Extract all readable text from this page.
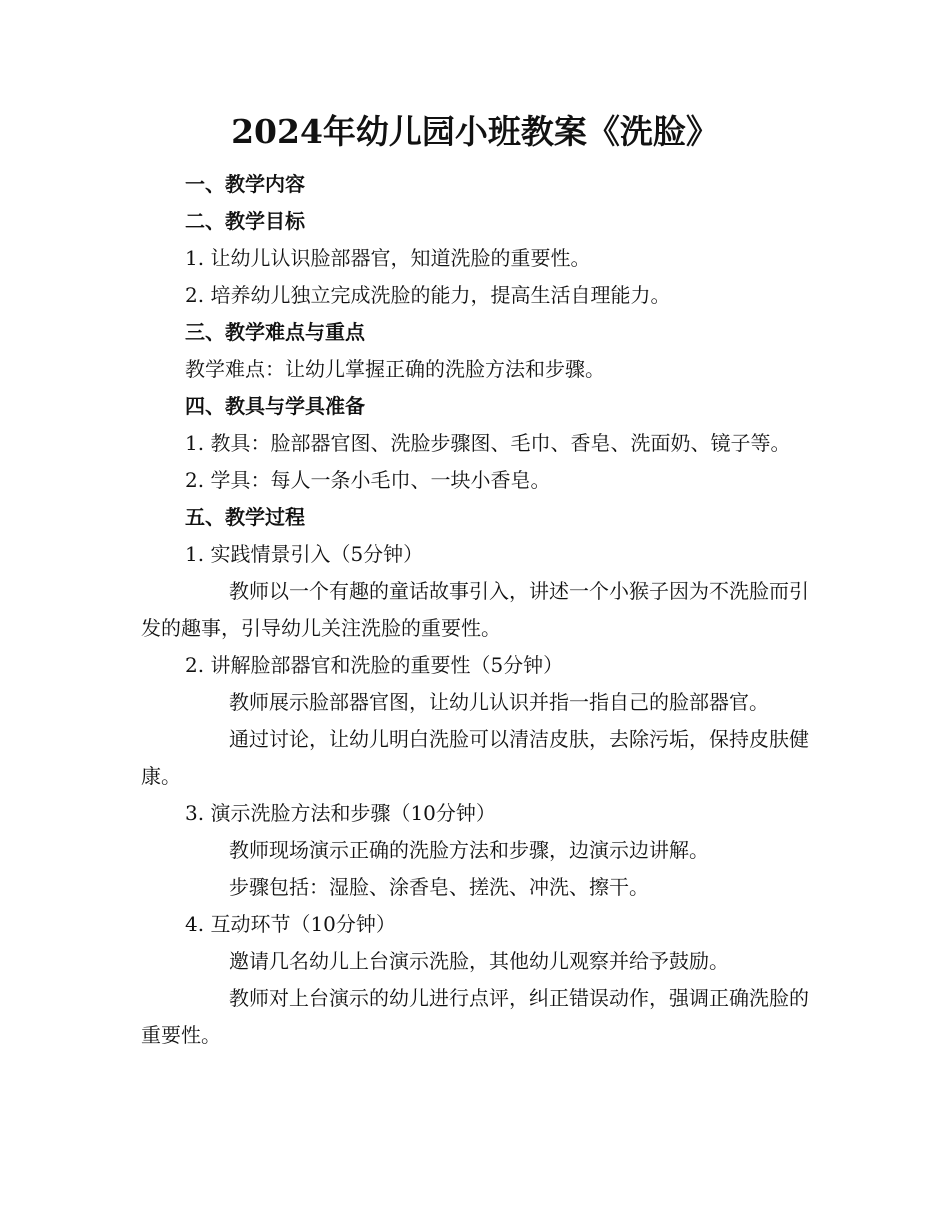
2024年幼儿园小班教案《洗脸》

一、教学内容

二、教学目标

1. 让幼儿认识脸部器官，知道洗脸的重要性。

2. 培养幼儿独立完成洗脸的能力，提高生活自理能力。

三、教学难点与重点

教学难点：让幼儿掌握正确的洗脸方法和步骤。

四、教具与学具准备

1. 教具：脸部器官图、洗脸步骤图、毛巾、香皂、洗面奶、镜子等。

2. 学具：每人一条小毛巾、一块小香皂。

五、教学过程

1. 实践情景引入（5分钟）

教师以一个有趣的童话故事引入，讲述一个小猴子因为不洗脸而引发的趣事，引导幼儿关注洗脸的重要性。

2. 讲解脸部器官和洗脸的重要性（5分钟）

教师展示脸部器官图，让幼儿认识并指一指自己的脸部器官。

通过讨论，让幼儿明白洗脸可以清洁皮肤，去除污垢，保持皮肤健康。

3. 演示洗脸方法和步骤（10分钟）

教师现场演示正确的洗脸方法和步骤，边演示边讲解。

步骤包括：湿脸、涂香皂、搓洗、冲洗、擦干。

4. 互动环节（10分钟）

邀请几名幼儿上台演示洗脸，其他幼儿观察并给予鼓励。

教师对上台演示的幼儿进行点评，纠正错误动作，强调正确洗脸的重要性。
